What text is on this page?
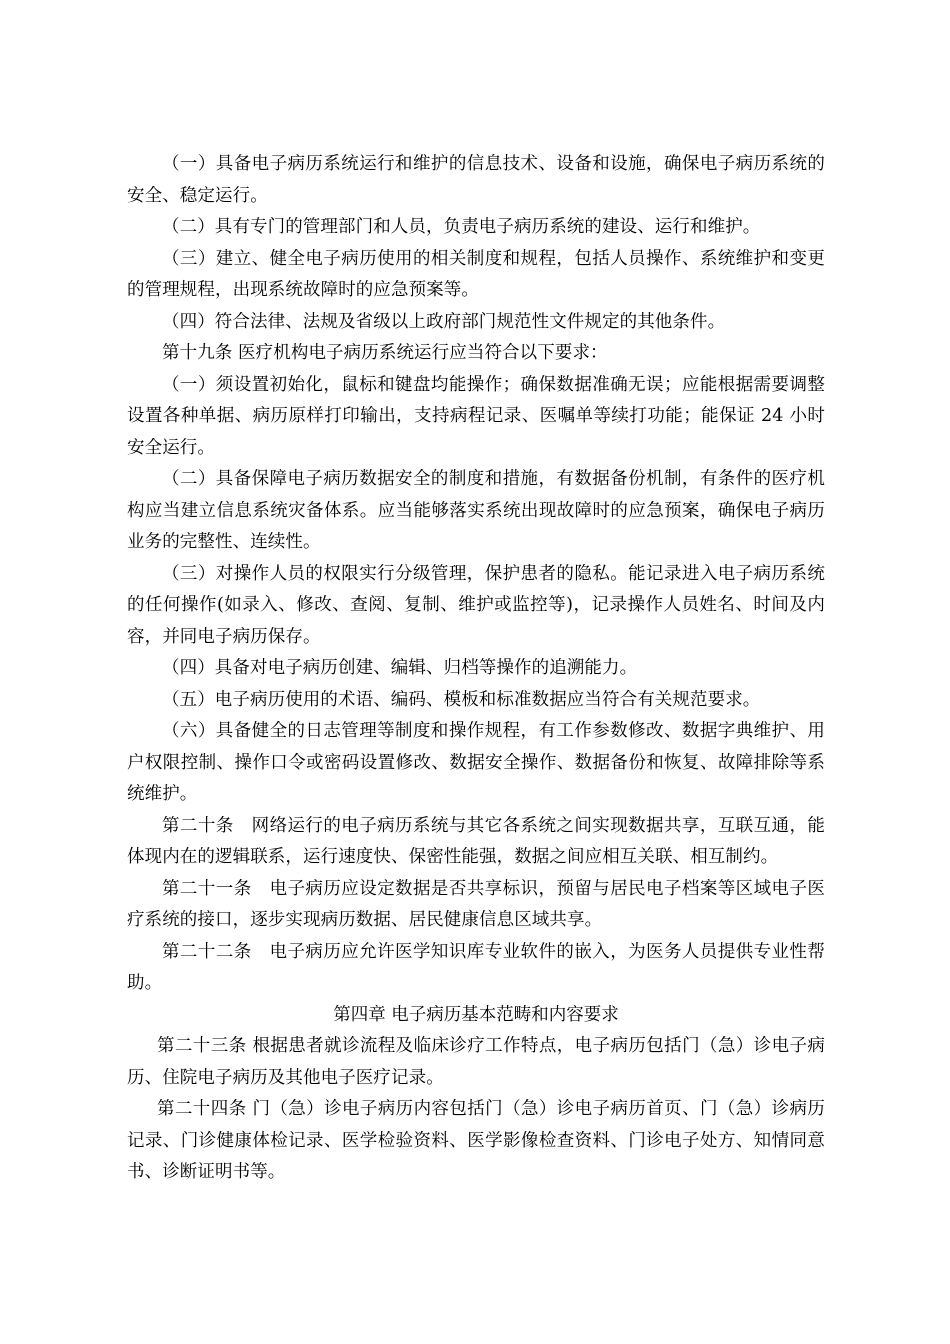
（一）具备电子病历系统运行和维护的信息技术、设备和设施，确保电子病历系统的安全、稳定运行。

（二）具有专门的管理部门和人员，负责电子病历系统的建设、运行和维护。

（三）建立、健全电子病历使用的相关制度和规程，包括人员操作、系统维护和变更的管理规程，出现系统故障时的应急预案等。

（四）符合法律、法规及省级以上政府部门规范性文件规定的其他条件。

第十九条 医疗机构电子病历系统运行应当符合以下要求：

（一）须设置初始化，鼠标和键盘均能操作；确保数据准确无误；应能根据需要调整设置各种单据、病历原样打印输出，支持病程记录、医嘱单等续打功能；能保证 24 小时安全运行。

（二）具备保障电子病历数据安全的制度和措施，有数据备份机制，有条件的医疗机构应当建立信息系统灾备体系。应当能够落实系统出现故障时的应急预案，确保电子病历业务的完整性、连续性。

（三）对操作人员的权限实行分级管理，保护患者的隐私。能记录进入电子病历系统的任何操作(如录入、修改、查阅、复制、维护或监控等)，记录操作人员姓名、时间及内容，并同电子病历保存。

（四）具备对电子病历创建、编辑、归档等操作的追溯能力。

（五）电子病历使用的术语、编码、模板和标准数据应当符合有关规范要求。

（六）具备健全的日志管理等制度和操作规程，有工作参数修改、数据字典维护、用户权限控制、操作口令或密码设置修改、数据安全操作、数据备份和恢复、故障排除等系统维护。

第二十条　网络运行的电子病历系统与其它各系统之间实现数据共享，互联互通，能体现内在的逻辑联系，运行速度快、保密性能强，数据之间应相互关联、相互制约。

第二十一条　电子病历应设定数据是否共享标识，预留与居民电子档案等区域电子医疗系统的接口，逐步实现病历数据、居民健康信息区域共享。

第二十二条　电子病历应允许医学知识库专业软件的嵌入，为医务人员提供专业性帮助。

第四章 电子病历基本范畴和内容要求

第二十三条 根据患者就诊流程及临床诊疗工作特点，电子病历包括门（急）诊电子病历、住院电子病历及其他电子医疗记录。

第二十四条 门（急）诊电子病历内容包括门（急）诊电子病历首页、门（急）诊病历记录、门诊健康体检记录、医学检验资料、医学影像检查资料、门诊电子处方、知情同意书、诊断证明书等。
